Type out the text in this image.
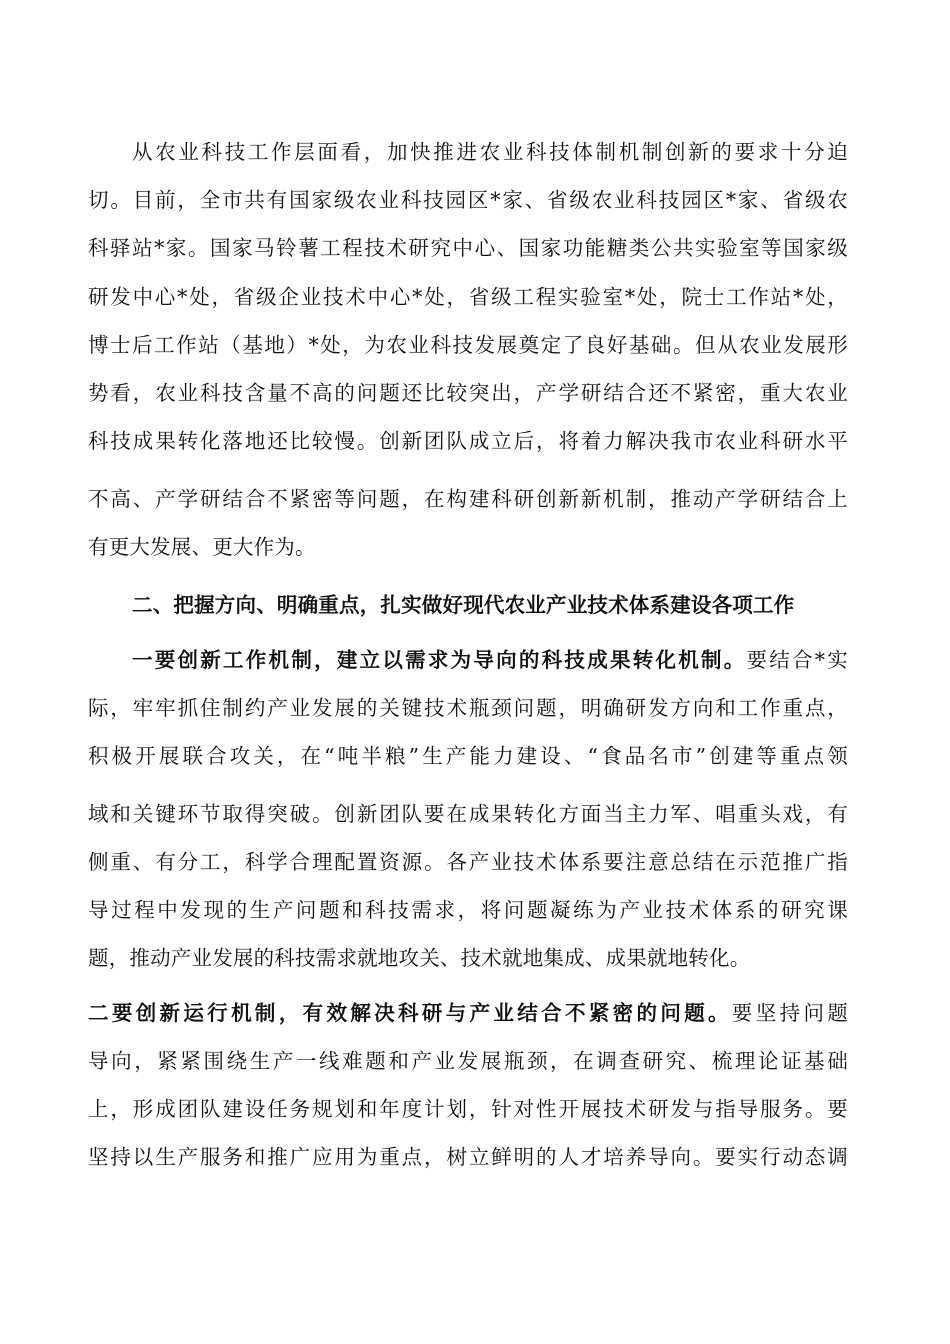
从农业科技工作层面看，加快推进农业科技体制机制创新的要求十分迫
切。目前，全市共有国家级农业科技园区*家、省级农业科技园区*家、省级农
科驿站*家。国家马铃薯工程技术研究中心、国家功能糖类公共实验室等国家级
研发中心*处，省级企业技术中心*处，省级工程实验室*处，院士工作站*处，
博士后工作站（基地）*处，为农业科技发展奠定了良好基础。但从农业发展形
势看，农业科技含量不高的问题还比较突出，产学研结合还不紧密，重大农业
科技成果转化落地还比较慢。创新团队成立后，将着力解决我市农业科研水平
不高、产学研结合不紧密等问题，在构建科研创新新机制，推动产学研结合上
有更大发展、更大作为。
二、把握方向、明确重点，扎实做好现代农业产业技术体系建设各项工作
一要创新工作机制，建立以需求为导向的科技成果转化机制。要结合*实
际，牢牢抓住制约产业发展的关键技术瓶颈问题，明确研发方向和工作重点，
积极开展联合攻关，在“吨半粮”生产能力建设、“食品名市”创建等重点领
域和关键环节取得突破。创新团队要在成果转化方面当主力军、唱重头戏，有
侧重、有分工，科学合理配置资源。各产业技术体系要注意总结在示范推广指
导过程中发现的生产问题和科技需求，将问题凝练为产业技术体系的研究课
题，推动产业发展的科技需求就地攻关、技术就地集成、成果就地转化。
二要创新运行机制，有效解决科研与产业结合不紧密的问题。要坚持问题
导向，紧紧围绕生产一线难题和产业发展瓶颈，在调查研究、梳理论证基础
上，形成团队建设任务规划和年度计划，针对性开展技术研发与指导服务。要
坚持以生产服务和推广应用为重点，树立鲜明的人才培养导向。要实行动态调
